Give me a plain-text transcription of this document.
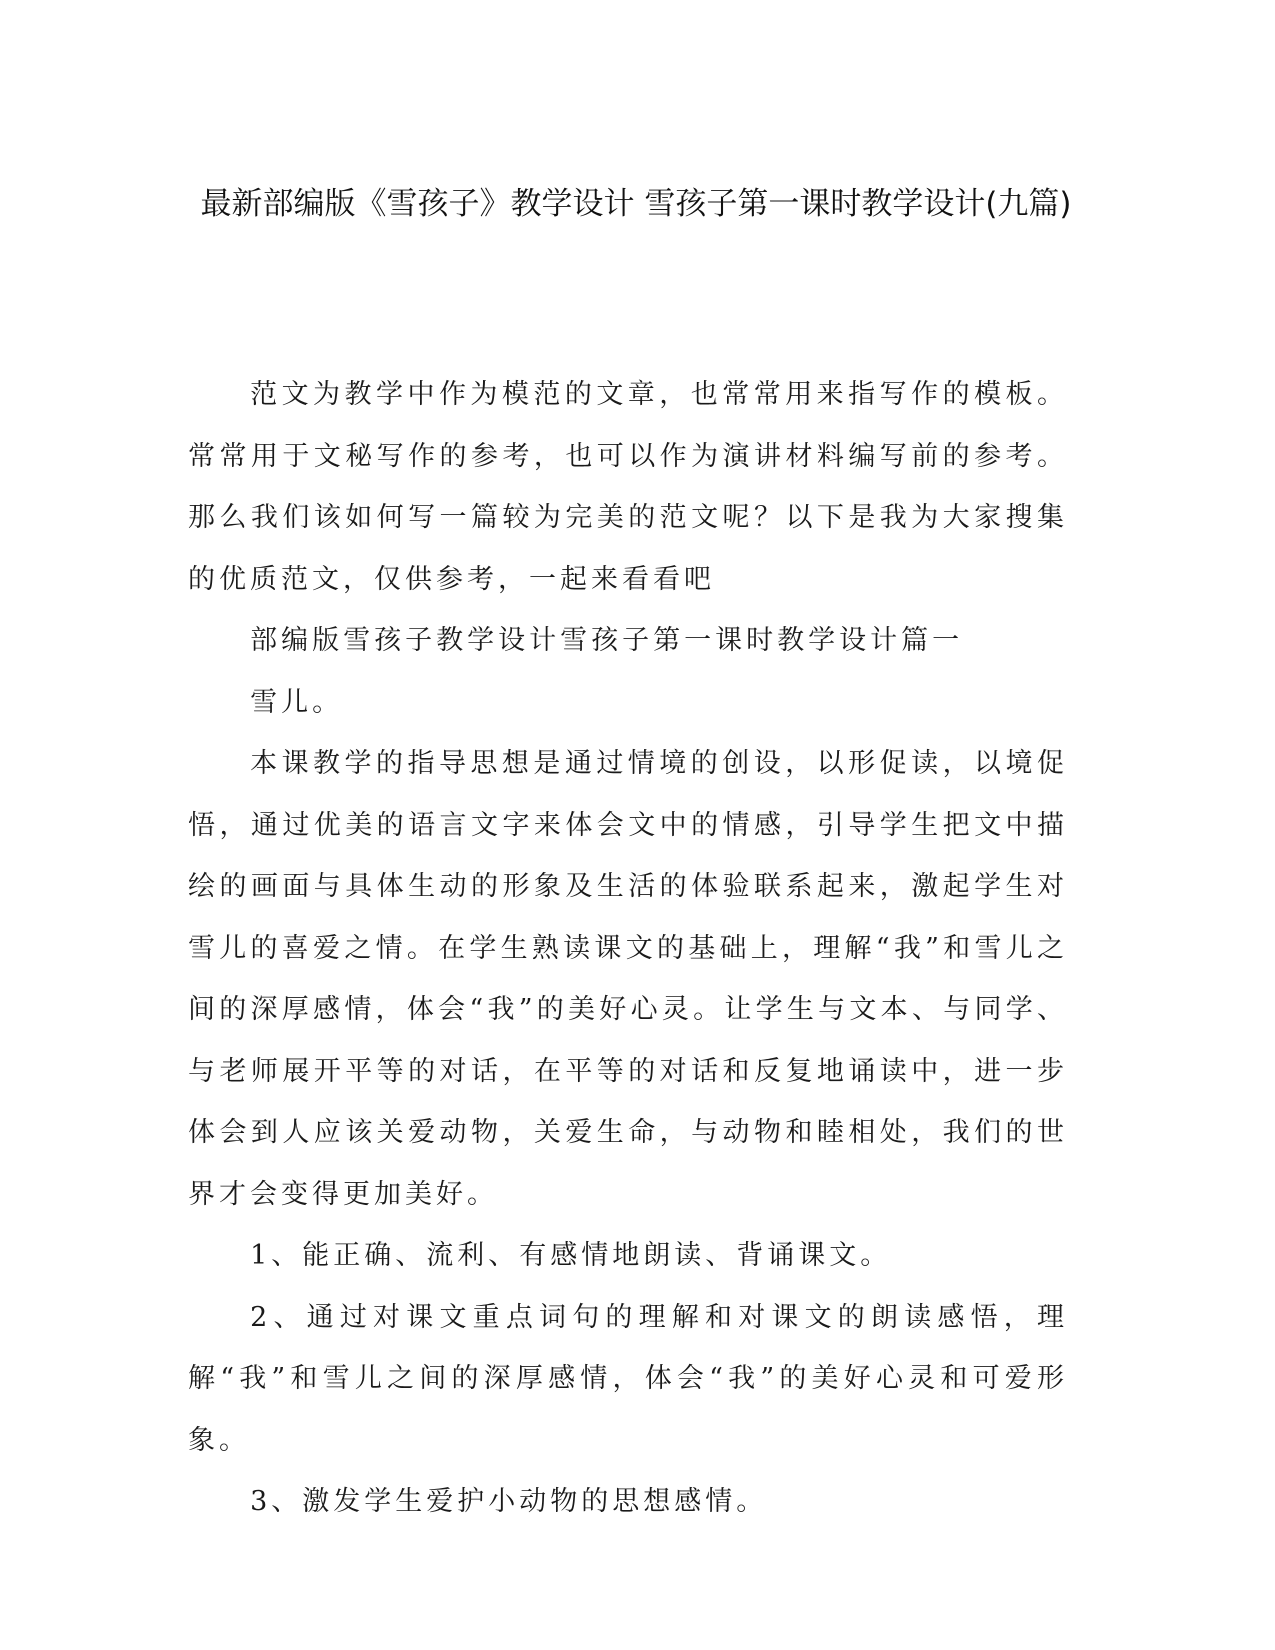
最新部编版《雪孩子》教学设计 雪孩子第一课时教学设计(九篇)

范文为教学中作为模范的文章，也常常用来指写作的模板。常常用于文秘写作的参考，也可以作为演讲材料编写前的参考。那么我们该如何写一篇较为完美的范文呢？以下是我为大家搜集的优质范文，仅供参考，一起来看看吧

部编版雪孩子教学设计雪孩子第一课时教学设计篇一

雪儿。

本课教学的指导思想是通过情境的创设，以形促读，以境促悟，通过优美的语言文字来体会文中的情感，引导学生把文中描绘的画面与具体生动的形象及生活的体验联系起来，激起学生对雪儿的喜爱之情。在学生熟读课文的基础上，理解“我”和雪儿之间的深厚感情，体会“我”的美好心灵。让学生与文本、与同学、与老师展开平等的对话，在平等的对话和反复地诵读中，进一步体会到人应该关爱动物，关爱生命，与动物和睦相处，我们的世界才会变得更加美好。

1、能正确、流利、有感情地朗读、背诵课文。

2、通过对课文重点词句的理解和对课文的朗读感悟，理解“我”和雪儿之间的深厚感情，体会“我”的美好心灵和可爱形象。

3、激发学生爱护小动物的思想感情。
